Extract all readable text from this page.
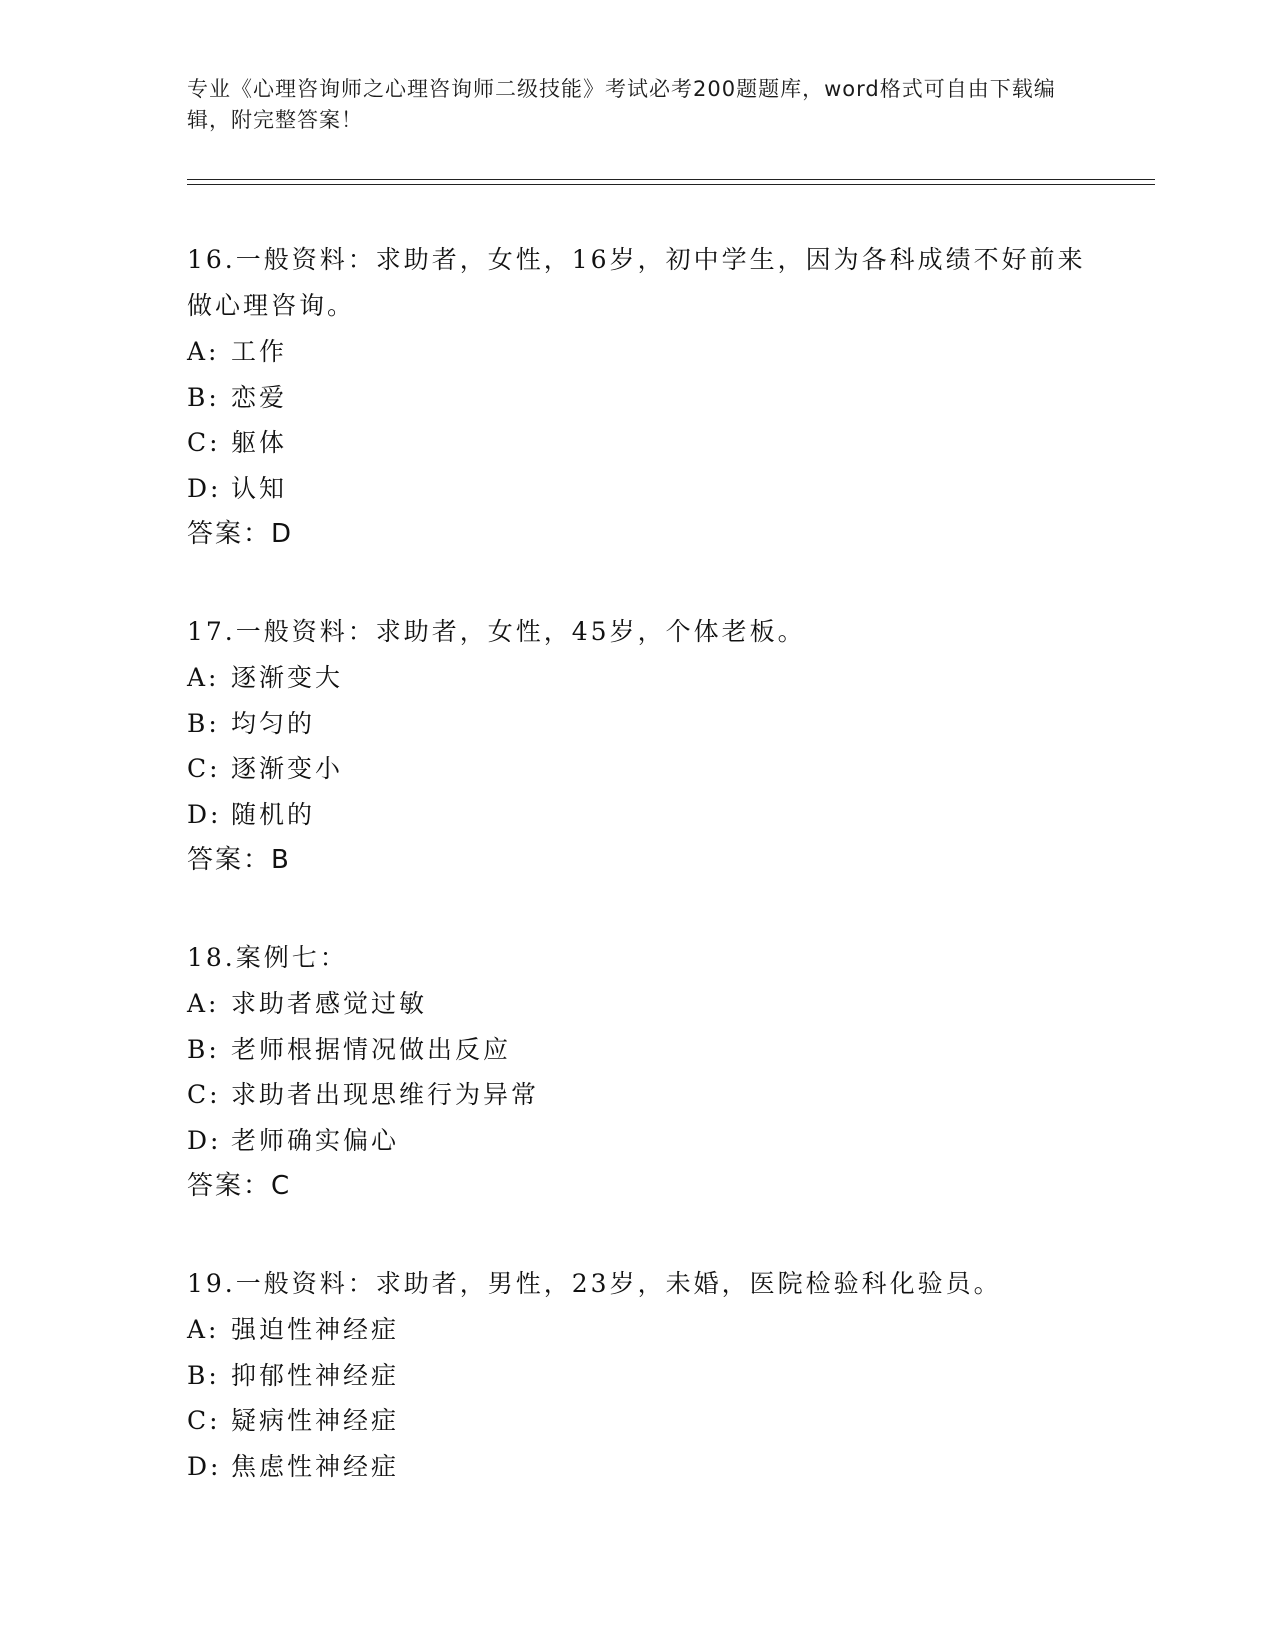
专业《心理咨询师之心理咨询师二级技能》考试必考200题题库，word格式可自由下载编辑，附完整答案！

16.一般资料：求助者，女性，16岁，初中学生，因为各科成绩不好前来做心理咨询。

A: 工作

B: 恋爱

C: 躯体

D: 认知

答案：D

17.一般资料：求助者，女性，45岁，个体老板。

A: 逐渐变大

B: 均匀的

C: 逐渐变小

D: 随机的

答案：B

18.案例七：

A: 求助者感觉过敏

B: 老师根据情况做出反应

C: 求助者出现思维行为异常

D: 老师确实偏心

答案：C

19.一般资料：求助者，男性，23岁，未婚，医院检验科化验员。

A: 强迫性神经症

B: 抑郁性神经症

C: 疑病性神经症

D: 焦虑性神经症
